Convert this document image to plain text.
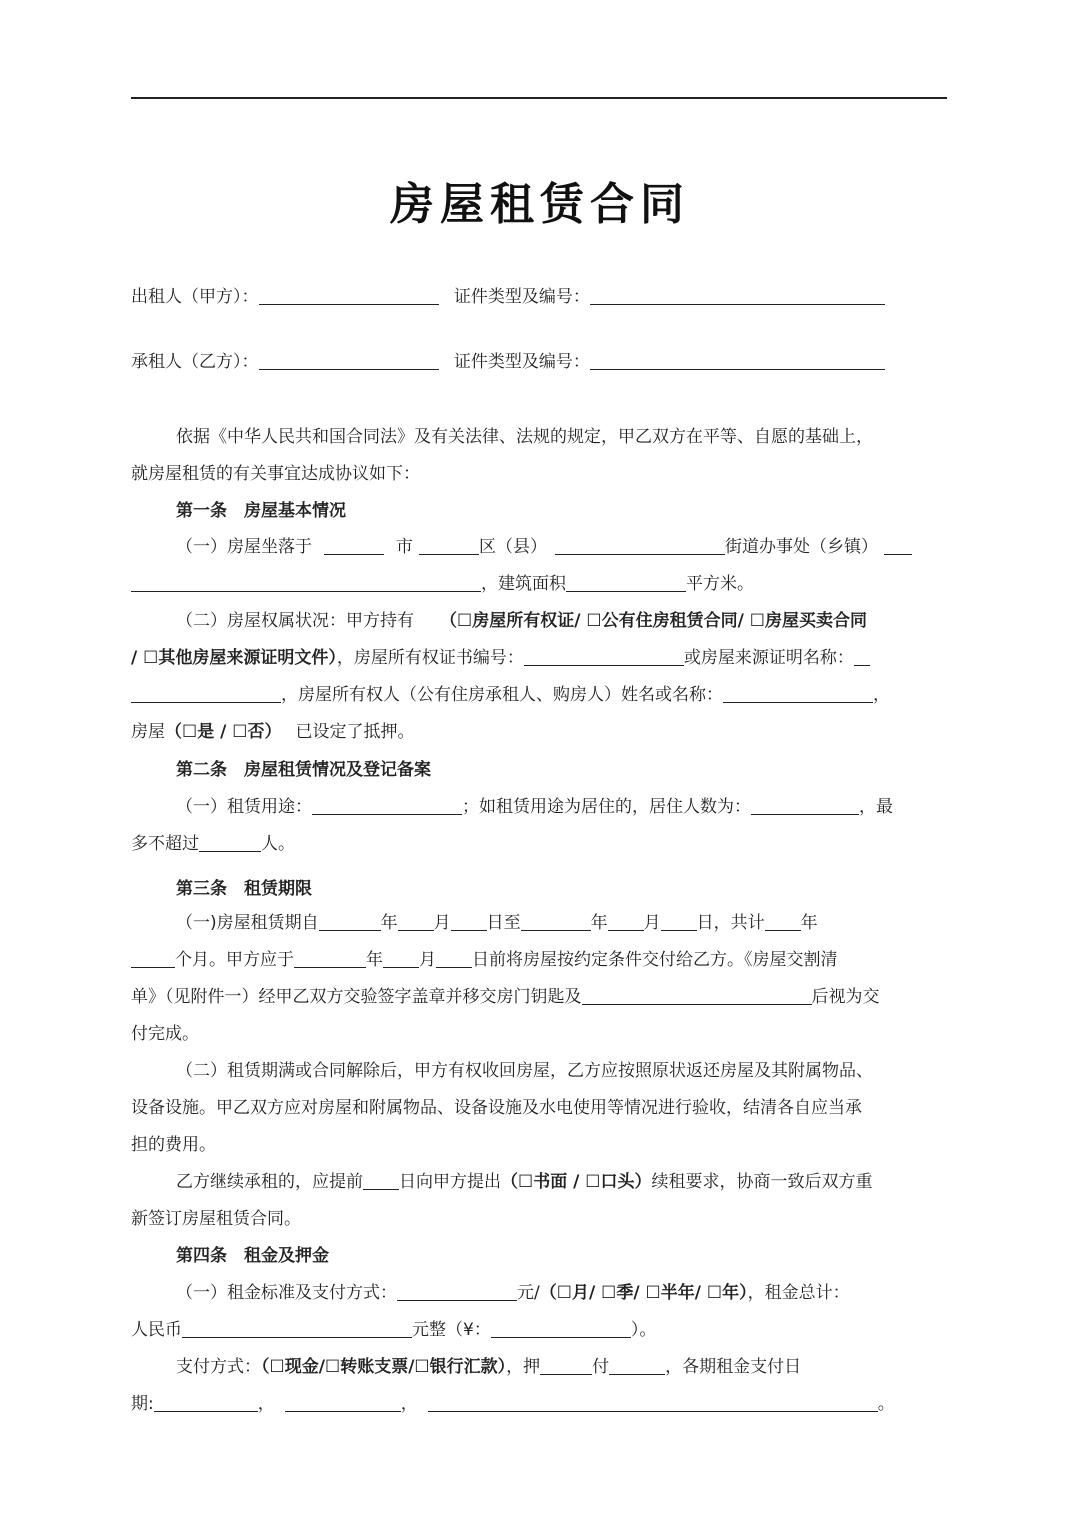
房屋租赁合同
出租人（甲方）：	证件类型及编号：
承租人（乙方）：	证件类型及编号：
依据《中华人民共和国合同法》及有关法律、法规的规定，甲乙双方在平等、自愿的基础上，
就房屋租赁的有关事宜达成协议如下：
第一条　房屋基本情况
（一）房屋坐落于	市	区（县）	街道办事处（乡镇）
，建筑面积	平方米。
（二）房屋权属状况：甲方持有 （☐房屋所有权证/ ☐公有住房租赁合同/ ☐房屋买卖合同
/ ☐其他房屋来源证明文件），房屋所有权证书编号：	或房屋来源证明名称：
，房屋所有权人（公有住房承租人、购房人）姓名或名称：	，
房屋（☐是 / ☐否） 已设定了抵押。
第二条　房屋租赁情况及登记备案
（一）租赁用途：	；如租赁用途为居住的，居住人数为：	，最
多不超过	人。
第三条　租赁期限
（一)房屋租赁期自	年 月 日至	年 月 日，共计 年
个月。甲方应于	年 月 日前将房屋按约定条件交付给乙方。《房屋交割清
单》（见附件一）经甲乙双方交验签字盖章并移交房门钥匙及	后视为交
付完成。
（二）租赁期满或合同解除后，甲方有权收回房屋，乙方应按照原状返还房屋及其附属物品、
设备设施。甲乙双方应对房屋和附属物品、设备设施及水电使用等情况进行验收，结清各自应当承
担的费用。
乙方继续承租的，应提前 日向甲方提出（☐书面 / ☐口头）续租要求，协商一致后双方重
新签订房屋租赁合同。
第四条　租金及押金
（一）租金标准及支付方式：	元/（☐月/ ☐季/ ☐半年/ ☐年），租金总计：
人民币	元整（¥：	）。
支付方式：（☐现金/☐转账支票/☐银行汇款），押	付	，各期租金支付日
期:	，	，	。
